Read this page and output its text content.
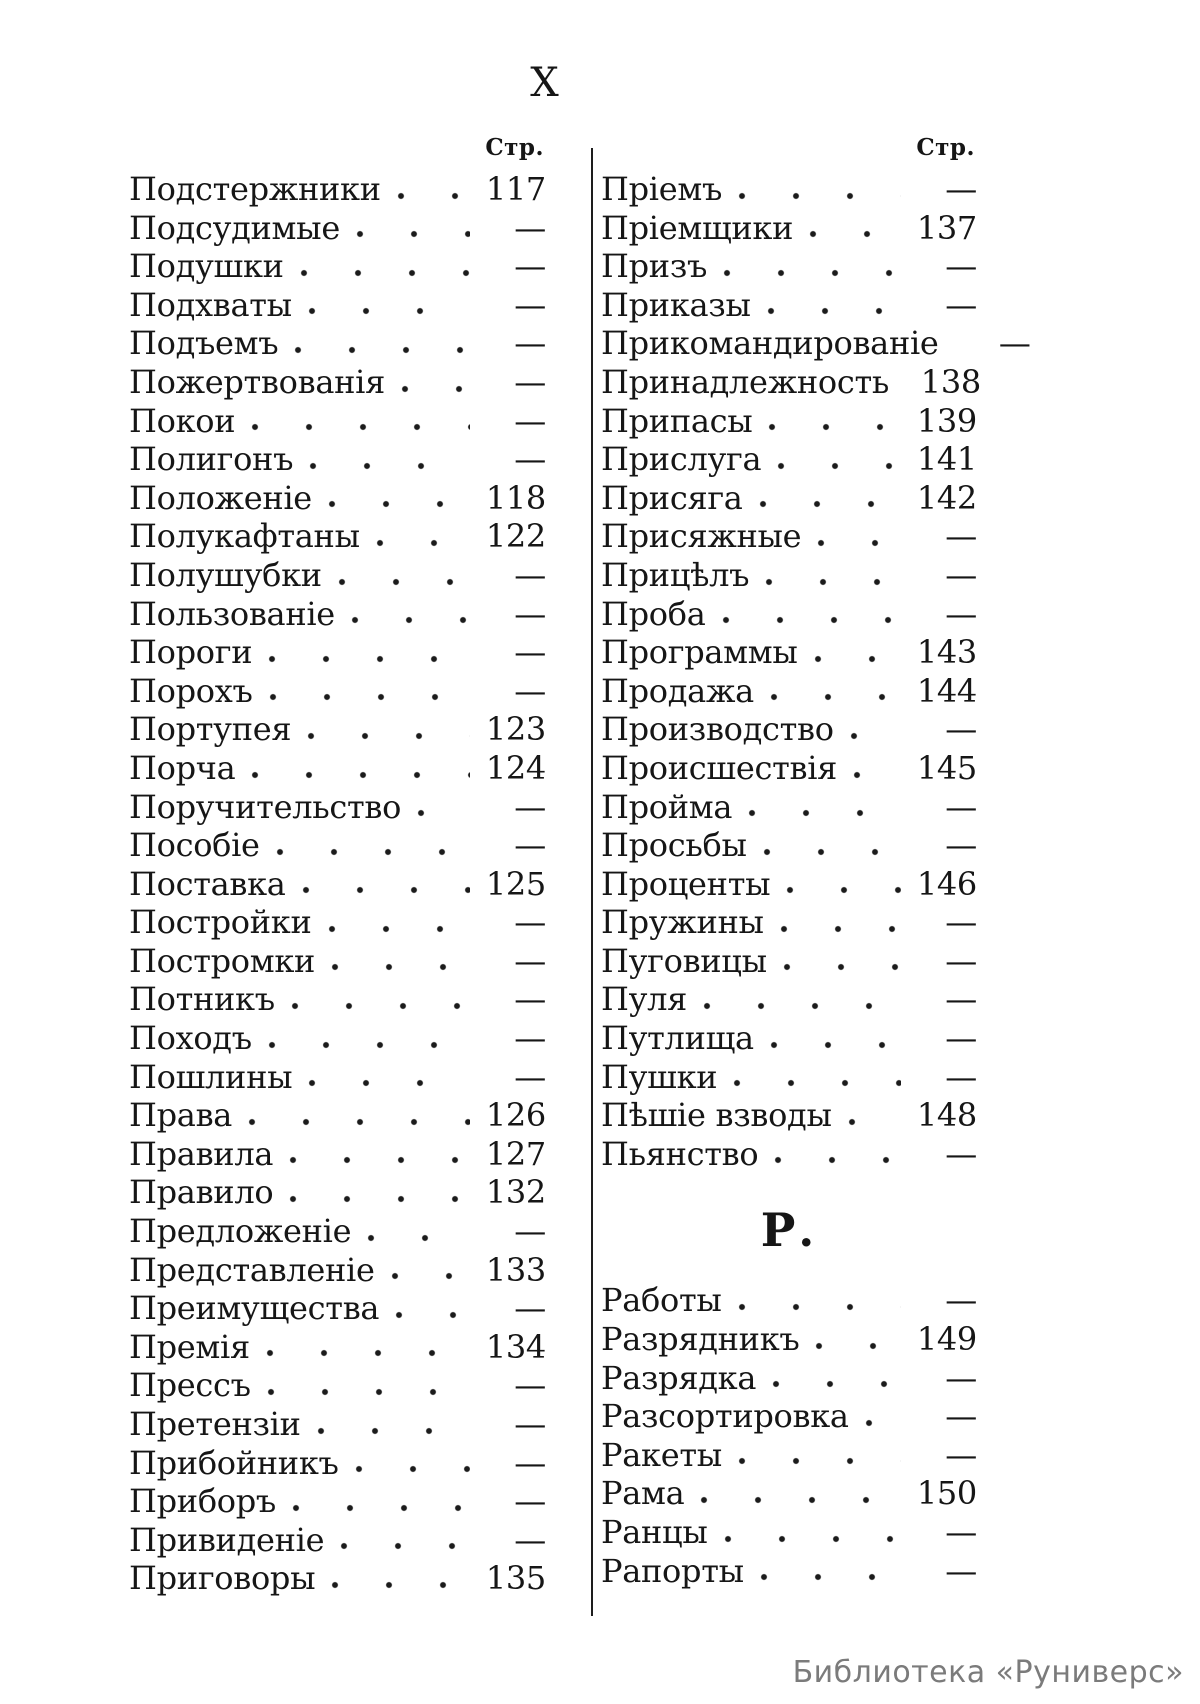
X
Стр.
Подстержники	117
Подсудимые	—
Подушки	—
Подхваты	—
Подъемъ	—
Пожертвованія	—
Покои	—
Полигонъ	—
Положеніе	118
Полукафтаны	122
Полушубки	—
Пользованіе	—
Пороги	—
Порохъ	—
Портупея	123
Порча	124
Поручительство	—
Пособіе	—
Поставка	125
Постройки	—
Постромки	—
Потникъ	—
Походъ	—
Пошлины	—
Права	126
Правила	127
Правило	132
Предложеніе	—
Представленіе	133
Преимущества	—
Премія	134
Прессъ	—
Претензіи	—
Прибойникъ	—
Приборъ	—
Привиденіе	—
Приговоры	135
Стр.
Пріемъ	—
Пріемщики	137
Призъ	—
Приказы	—
Прикомандированіе	—
Принадлежность 138
Припасы	139
Прислуга	141
Присяга	142
Присяжные	—
Прицѣлъ	—
Проба	—
Программы	143
Продажа	144
Производство	—
Происшествія 145
Пройма	—
Просьбы	—
Проценты	146
Пружины	—
Пуговицы	—
Пуля	—
Путлища	—
Пушки	—
Пѣшіе взводы	148
Пьянство	—
Р.
Работы	—
Разрядникъ	149
Разрядка	—
Разсортировка	—
Ракеты	—
Рама	150
Ранцы	—
Рапорты	—
Библиотека «Руниверс»
